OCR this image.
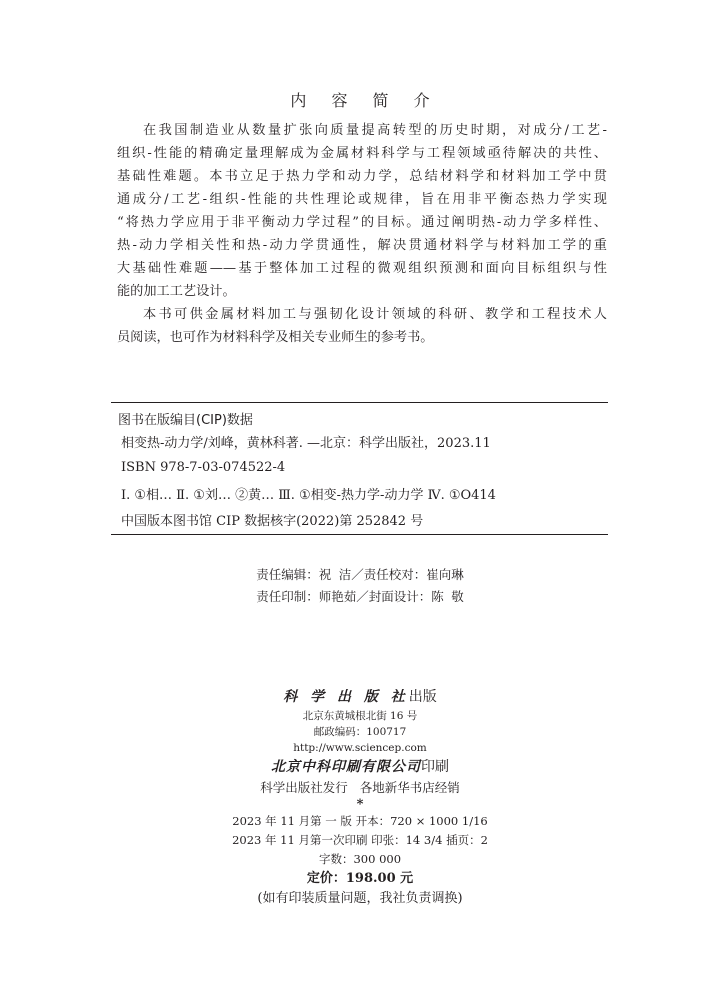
内 容 简 介
在我国制造业从数量扩张向质量提高转型的历史时期，对成分/工艺-
组织-性能的精确定量理解成为金属材料科学与工程领域亟待解决的共性、
基础性难题。本书立足于热力学和动力学，总结材料学和材料加工学中贯
通成分/工艺-组织-性能的共性理论或规律，旨在用非平衡态热力学实现
“将热力学应用于非平衡动力学过程”的目标。通过阐明热-动力学多样性、
热-动力学相关性和热-动力学贯通性，解决贯通材料学与材料加工学的重
大基础性难题——基于整体加工过程的微观组织预测和面向目标组织与性
能的加工工艺设计。
本书可供金属材料加工与强韧化设计领域的科研、教学和工程技术人
员阅读，也可作为材料科学及相关专业师生的参考书。
图书在版编目(CIP)数据
相变热-动力学/刘峰，黄林科著. —北京：科学出版社，2023.11
ISBN 978-7-03-074522-4
Ⅰ. ①相… Ⅱ. ①刘… ②黄… Ⅲ. ①相变-热力学-动力学 Ⅳ. ①O414
中国版本图书馆 CIP 数据核字(2022)第 252842 号
责任编辑：祝 洁／责任校对：崔向琳
责任印制：师艳茹／封面设计：陈 敬
科 学 出 版 社出版
北京东黄城根北街 16 号
邮政编码：100717
http://www.sciencep.com
北京中科印刷有限公司印刷
科学出版社发行 各地新华书店经销
*
2023 年 11 月第 一 版 开本：720 × 1000 1/16
2023 年 11 月第一次印刷 印张：14 3/4 插页：2
字数：300 000
定价：198.00 元
(如有印装质量问题，我社负责调换)
